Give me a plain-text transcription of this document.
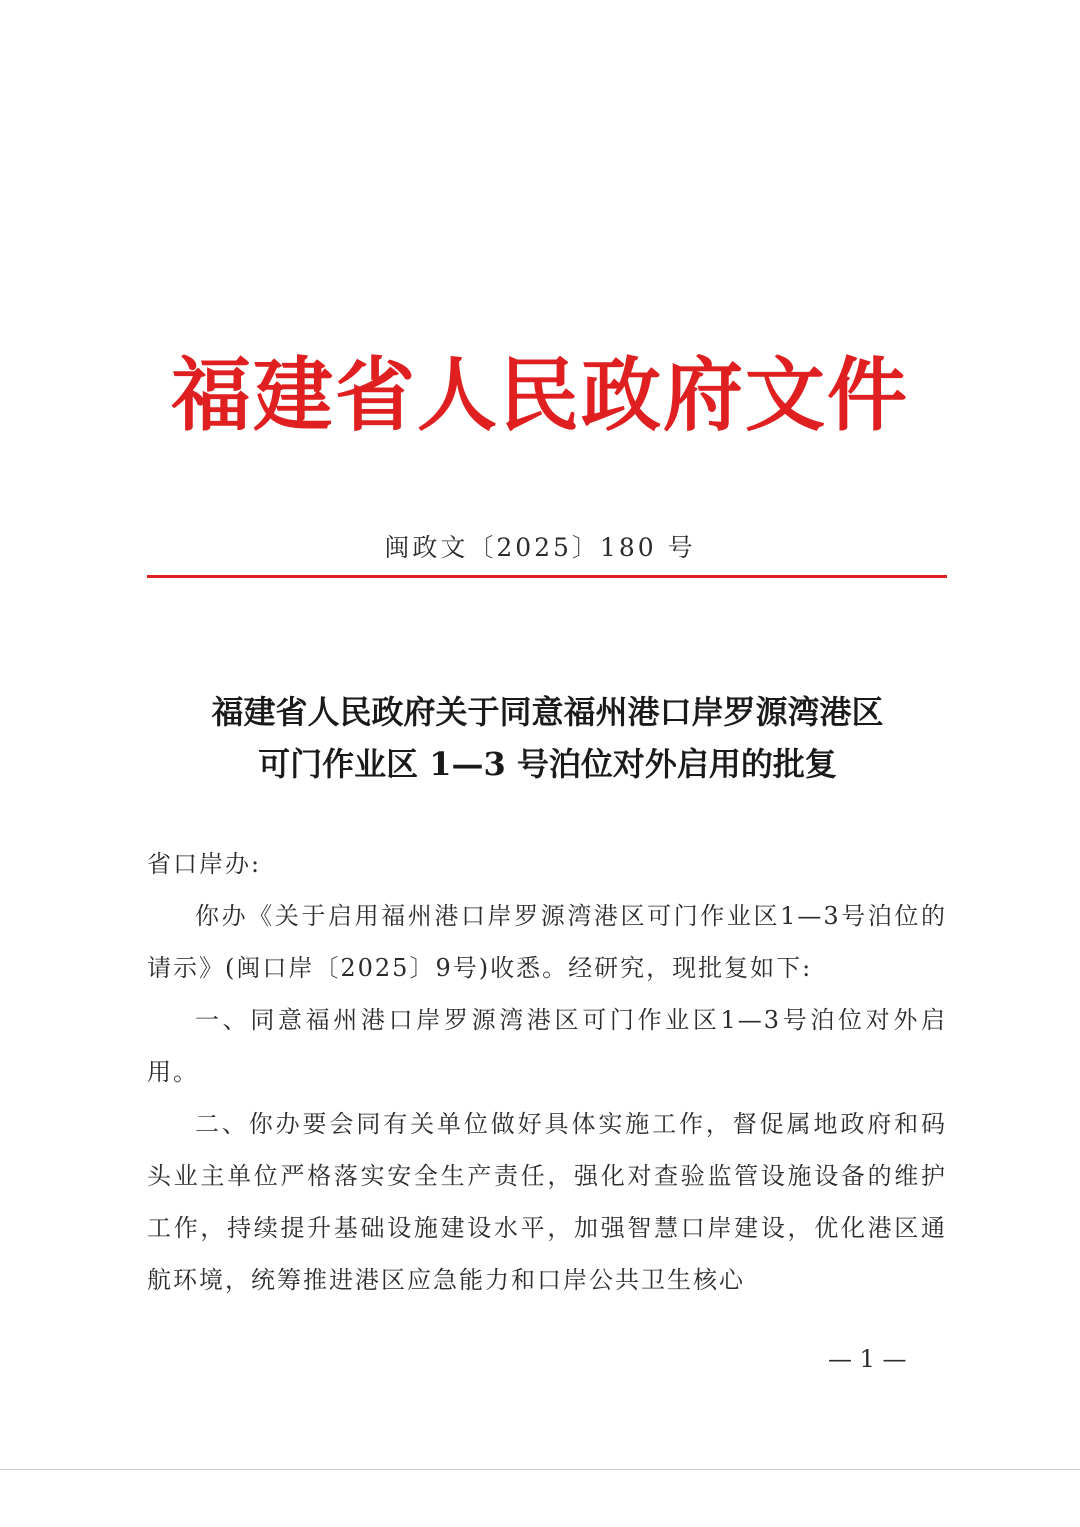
福建省人民政府文件
闽政文〔2025〕180 号
福建省人民政府关于同意福州港口岸罗源湾港区
可门作业区 1—3 号泊位对外启用的批复

省口岸办:

你办《关于启用福州港口岸罗源湾港区可门作业区1—3号泊位的请示》(闽口岸〔2025〕9号)收悉。经研究，现批复如下:

一、同意福州港口岸罗源湾港区可门作业区1—3号泊位对外启用。

二、你办要会同有关单位做好具体实施工作，督促属地政府和码头业主单位严格落实安全生产责任，强化对查验监管设施设备的维护工作，持续提升基础设施建设水平，加强智慧口岸建设，优化港区通航环境，统筹推进港区应急能力和口岸公共卫生核心

— 1 —
